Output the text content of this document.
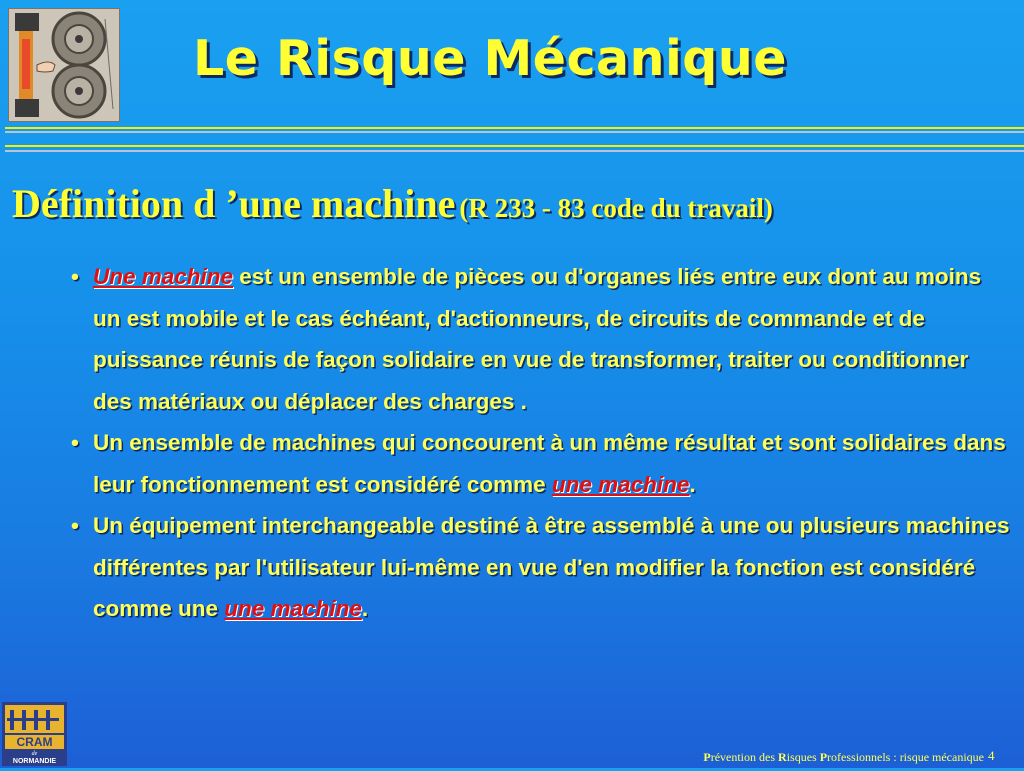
Le Risque Mécanique
Définition d ’une machine (R 233 - 83 code du travail)
• Une machine est un ensemble de pièces ou d'organes liés entre eux dont au moins un est mobile et le cas échéant, d'actionneurs, de circuits de commande et de puissance réunis de façon solidaire en vue de transformer, traiter ou conditionner des matériaux ou déplacer des charges .
• Un ensemble de machines qui concourent à un même résultat et sont solidaires dans leur fonctionnement est considéré comme une machine.
• Un équipement interchangeable destiné à être assemblé à une ou plusieurs machines différentes par l'utilisateur lui-même en vue d'en modifier la fonction est considéré comme une une machine.
CRAM
de
NORMANDIE	Prévention des Risques Professionnels : risque mécanique 4
